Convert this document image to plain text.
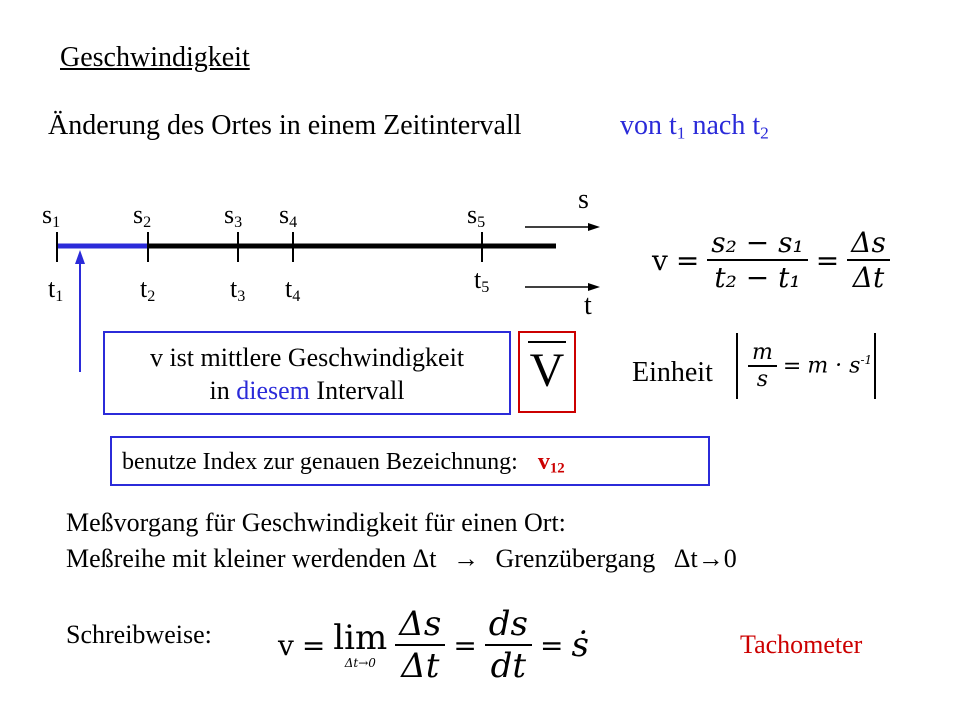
Geschwindigkeit
Änderung des Ortes in einem Zeitintervall	von $t_1$ nach $t_2$
$s_1$	$s_2$	$s_3$ $s_4$	$s_5$
s
$t_1$	$t_2$	$t_3$ $t_4$
$t_5$
t
$v = \frac{\text{s₂ − s₁}}{\text{t₂ − t₁}} = \frac{\Delta s}{\Delta t}$
v ist mittlere Geschwindigkeit
in diesem Intervall	V	Einheit $\frac{m}{s} = m \cdot s^{-1}$
benutze Index zur genauen Bezeichnung: $v_{12}$
Meßvorgang für Geschwindigkeit für einen Ort:
Meßreihe mit kleiner werdenden Δt → Grenzübergang Δt→0
Schreibweise: v = lim
$\Delta t\to 0 \frac{\Delta s}{\Delta t} = \frac{ds}{dt}$ = ṡ	Tachometer
